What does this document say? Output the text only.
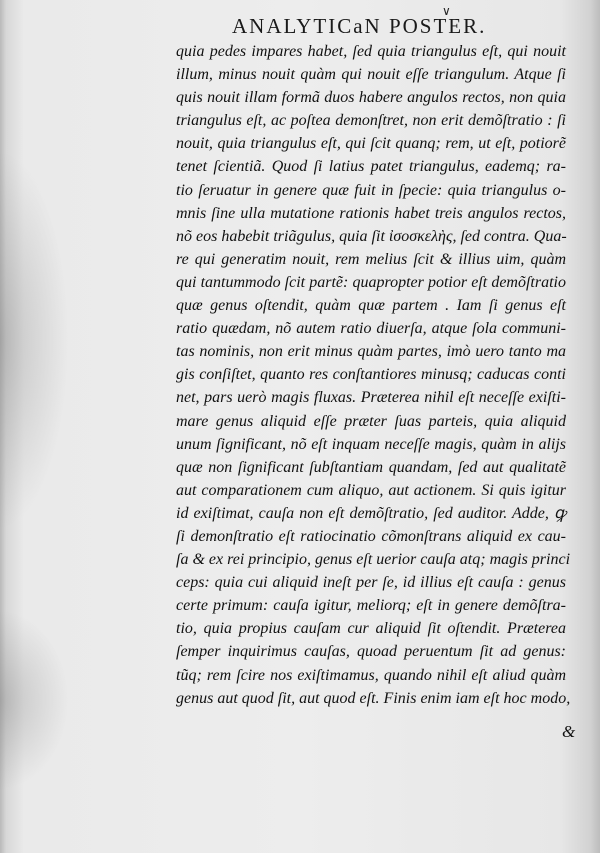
∨
ANALYTICaN POSTER.
quia pedes impares habet, ſed quia triangulus eſt, qui nouit
illum, minus nouit quàm qui nouit eſſe triangulum. Atque ſi
quis nouit illam formã duos habere angulos rectos, non quia
triangulus eſt, ac poſtea demonſtret, non erit demõſtratio : ſi
nouit, quia triangulus eſt, qui ſcit quanq; rem, ut eſt, potiorẽ
tenet ſcientiã. Quod ſi latius patet triangulus, eademq; ra-
tio ſeruatur in genere quæ fuit in ſpecie: quia triangulus o-
mnis ſine ulla mutatione rationis habet treis angulos rectos,
nõ eos habebit triãgulus, quia ſit ἰσοσκελὴς, ſed contra. Qua-
re qui generatim nouit, rem melius ſcit & illius uim, quàm
qui tantummodo ſcit partẽ: quapropter potior eſt demõſtratio
quæ genus oſtendit, quàm quæ partem . Iam ſi genus eſt
ratio quædam, nõ autem ratio diuerſa, atque ſola communi-
tas nominis, non erit minus quàm partes, imò uero tanto ma
gis conſiſtet, quanto res conſtantiores minusq; caducas conti
net, pars uerò magis fluxas. Præterea nihil eſt neceſſe exiſti-
mare genus aliquid eſſe præter ſuas parteis, quia aliquid
unum ſignificant, nõ eſt inquam neceſſe magis, quàm in alijs
quæ non ſignificant ſubſtantiam quandam, ſed aut qualitatẽ
aut comparationem cum aliquo, aut actionem. Si quis igitur
id exiſtimat, cauſa non eſt demõſtratio, ſed auditor. Adde, ꝙ
ſi demonſtratio eſt ratiocinatio cõmonſtrans aliquid ex cau-
ſa & ex rei principio, genus eſt uerior cauſa atq; magis princi
ceps: quia cui aliquid ineſt per ſe, id illius eſt cauſa : genus
certe primum: cauſa igitur, meliorq; eſt in genere demõſtra-
tio, quia propius cauſam cur aliquid ſit oſtendit. Præterea
ſemper inquirimus cauſas, quoad peruentum ſit ad genus:
tũq; rem ſcire nos exiſtimamus, quando nihil eſt aliud quàm
genus aut quod ſit, aut quod eſt. Finis enim iam eſt hoc modo,
&
